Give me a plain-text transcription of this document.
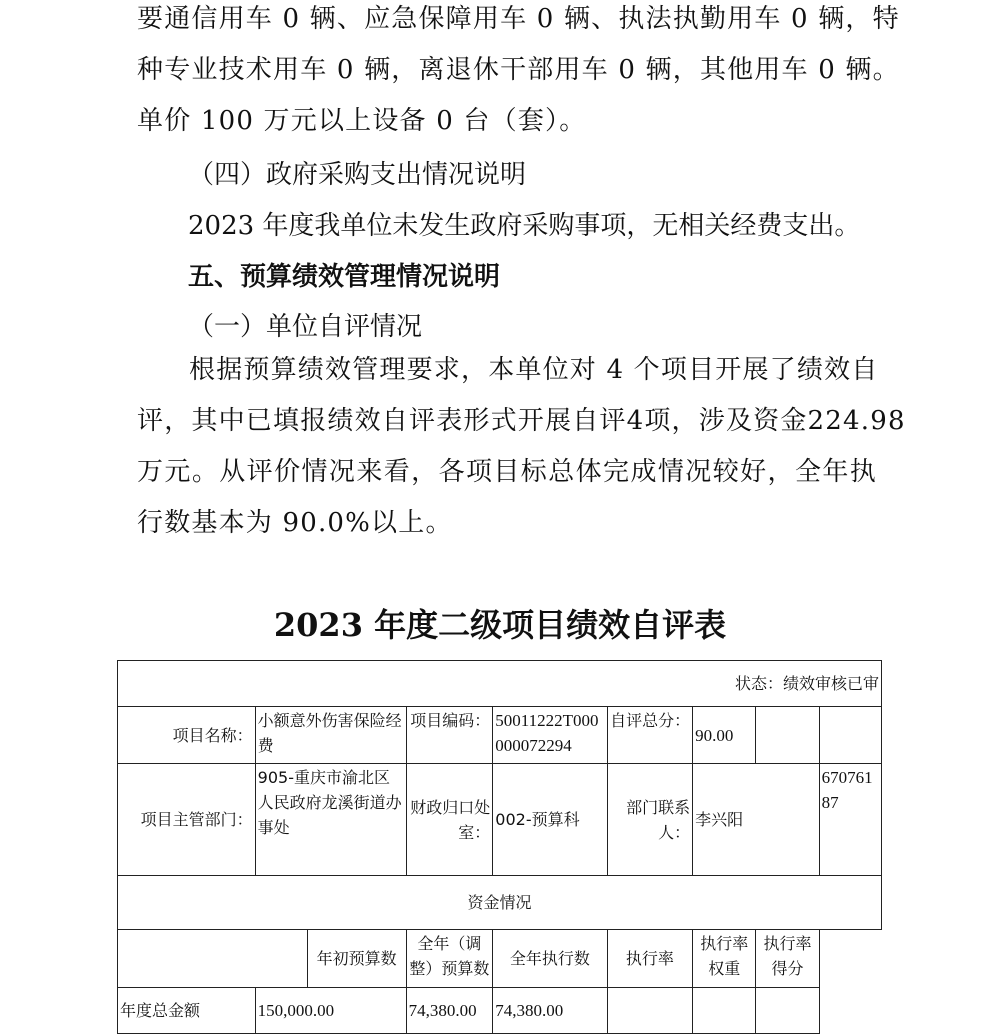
要通信用车 0 辆、应急保障用车 0 辆、执法执勤用车 0 辆，特
种专业技术用车 0 辆，离退休干部用车 0 辆，其他用车 0 辆。
单价 100 万元以上设备 0 台（套）。

（四）政府采购支出情况说明
2023 年度我单位未发生政府采购事项，无相关经费支出。
五、预算绩效管理情况说明
（一）单位自评情况

根据预算绩效管理要求，本单位对 4 个项目开展了绩效自
评，其中已填报绩效自评表形式开展自评4项，涉及资金224.98
万元。从评价情况来看，各项目标总体完成情况较好，全年执
行数基本为 90.0%以上。

2023 年度二级项目绩效自评表
状态：绩效审核已审								
项目名称：	小额意外伤害保险经费		项目编码：	50011222T000000072294	自评总分：	90.00		
项目主管部门：	905-重庆市渝北区人民政府龙溪街道办事处		财政归口处室：	002-预算科	部门联系人：	李兴阳		67076187
资金情况								
		年初预算数	全年（调整）预算数	全年执行数	执行率	执行率权重	执行率得分
年度总金额	150,000.00		74,380.00	74,380.00				
